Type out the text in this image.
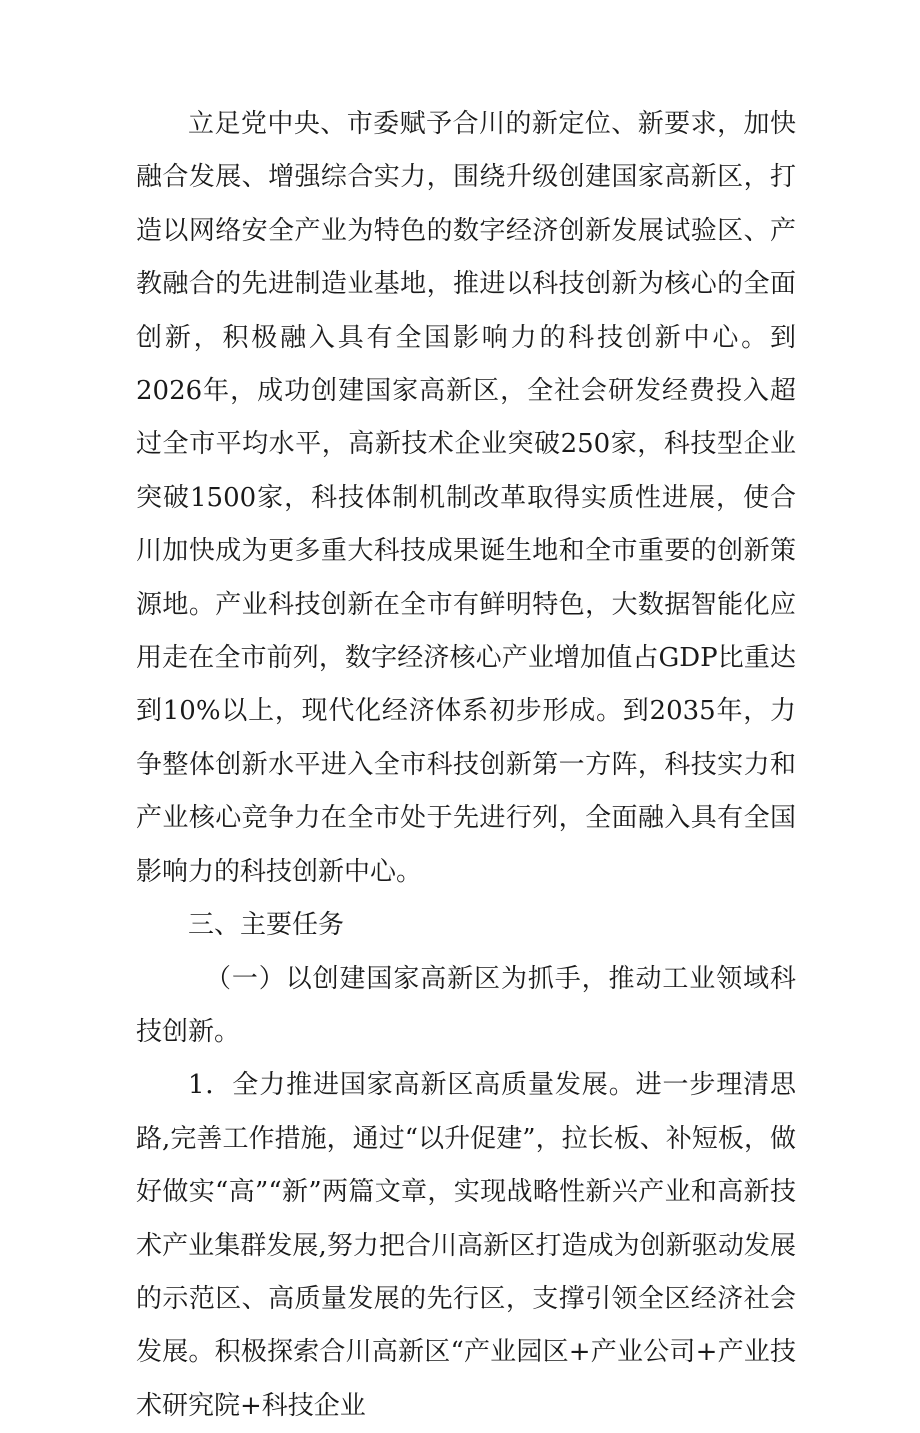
立足党中央、市委赋予合川的新定位、新要求，加快融合发展、增强综合实力，围绕升级创建国家高新区，打造以网络安全产业为特色的数字经济创新发展试验区、产教融合的先进制造业基地，推进以科技创新为核心的全面创新，积极融入具有全国影响力的科技创新中心。到2026年，成功创建国家高新区，全社会研发经费投入超过全市平均水平，高新技术企业突破250家，科技型企业突破1500家，科技体制机制改革取得实质性进展，使合川加快成为更多重大科技成果诞生地和全市重要的创新策源地。产业科技创新在全市有鲜明特色，大数据智能化应用走在全市前列，数字经济核心产业增加值占GDP比重达到10%以上，现代化经济体系初步形成。到2035年，力争整体创新水平进入全市科技创新第一方阵，科技实力和产业核心竞争力在全市处于先进行列，全面融入具有全国影响力的科技创新中心。

三、主要任务

（一）以创建国家高新区为抓手，推动工业领域科技创新。

1．全力推进国家高新区高质量发展。进一步理清思路,完善工作措施，通过“以升促建”，拉长板、补短板，做好做实“高”“新”两篇文章，实现战略性新兴产业和高新技术产业集群发展,努力把合川高新区打造成为创新驱动发展的示范区、高质量发展的先行区，支撑引领全区经济社会发展。积极探索合川高新区“产业园区+产业公司+产业技术研究院+科技企业
